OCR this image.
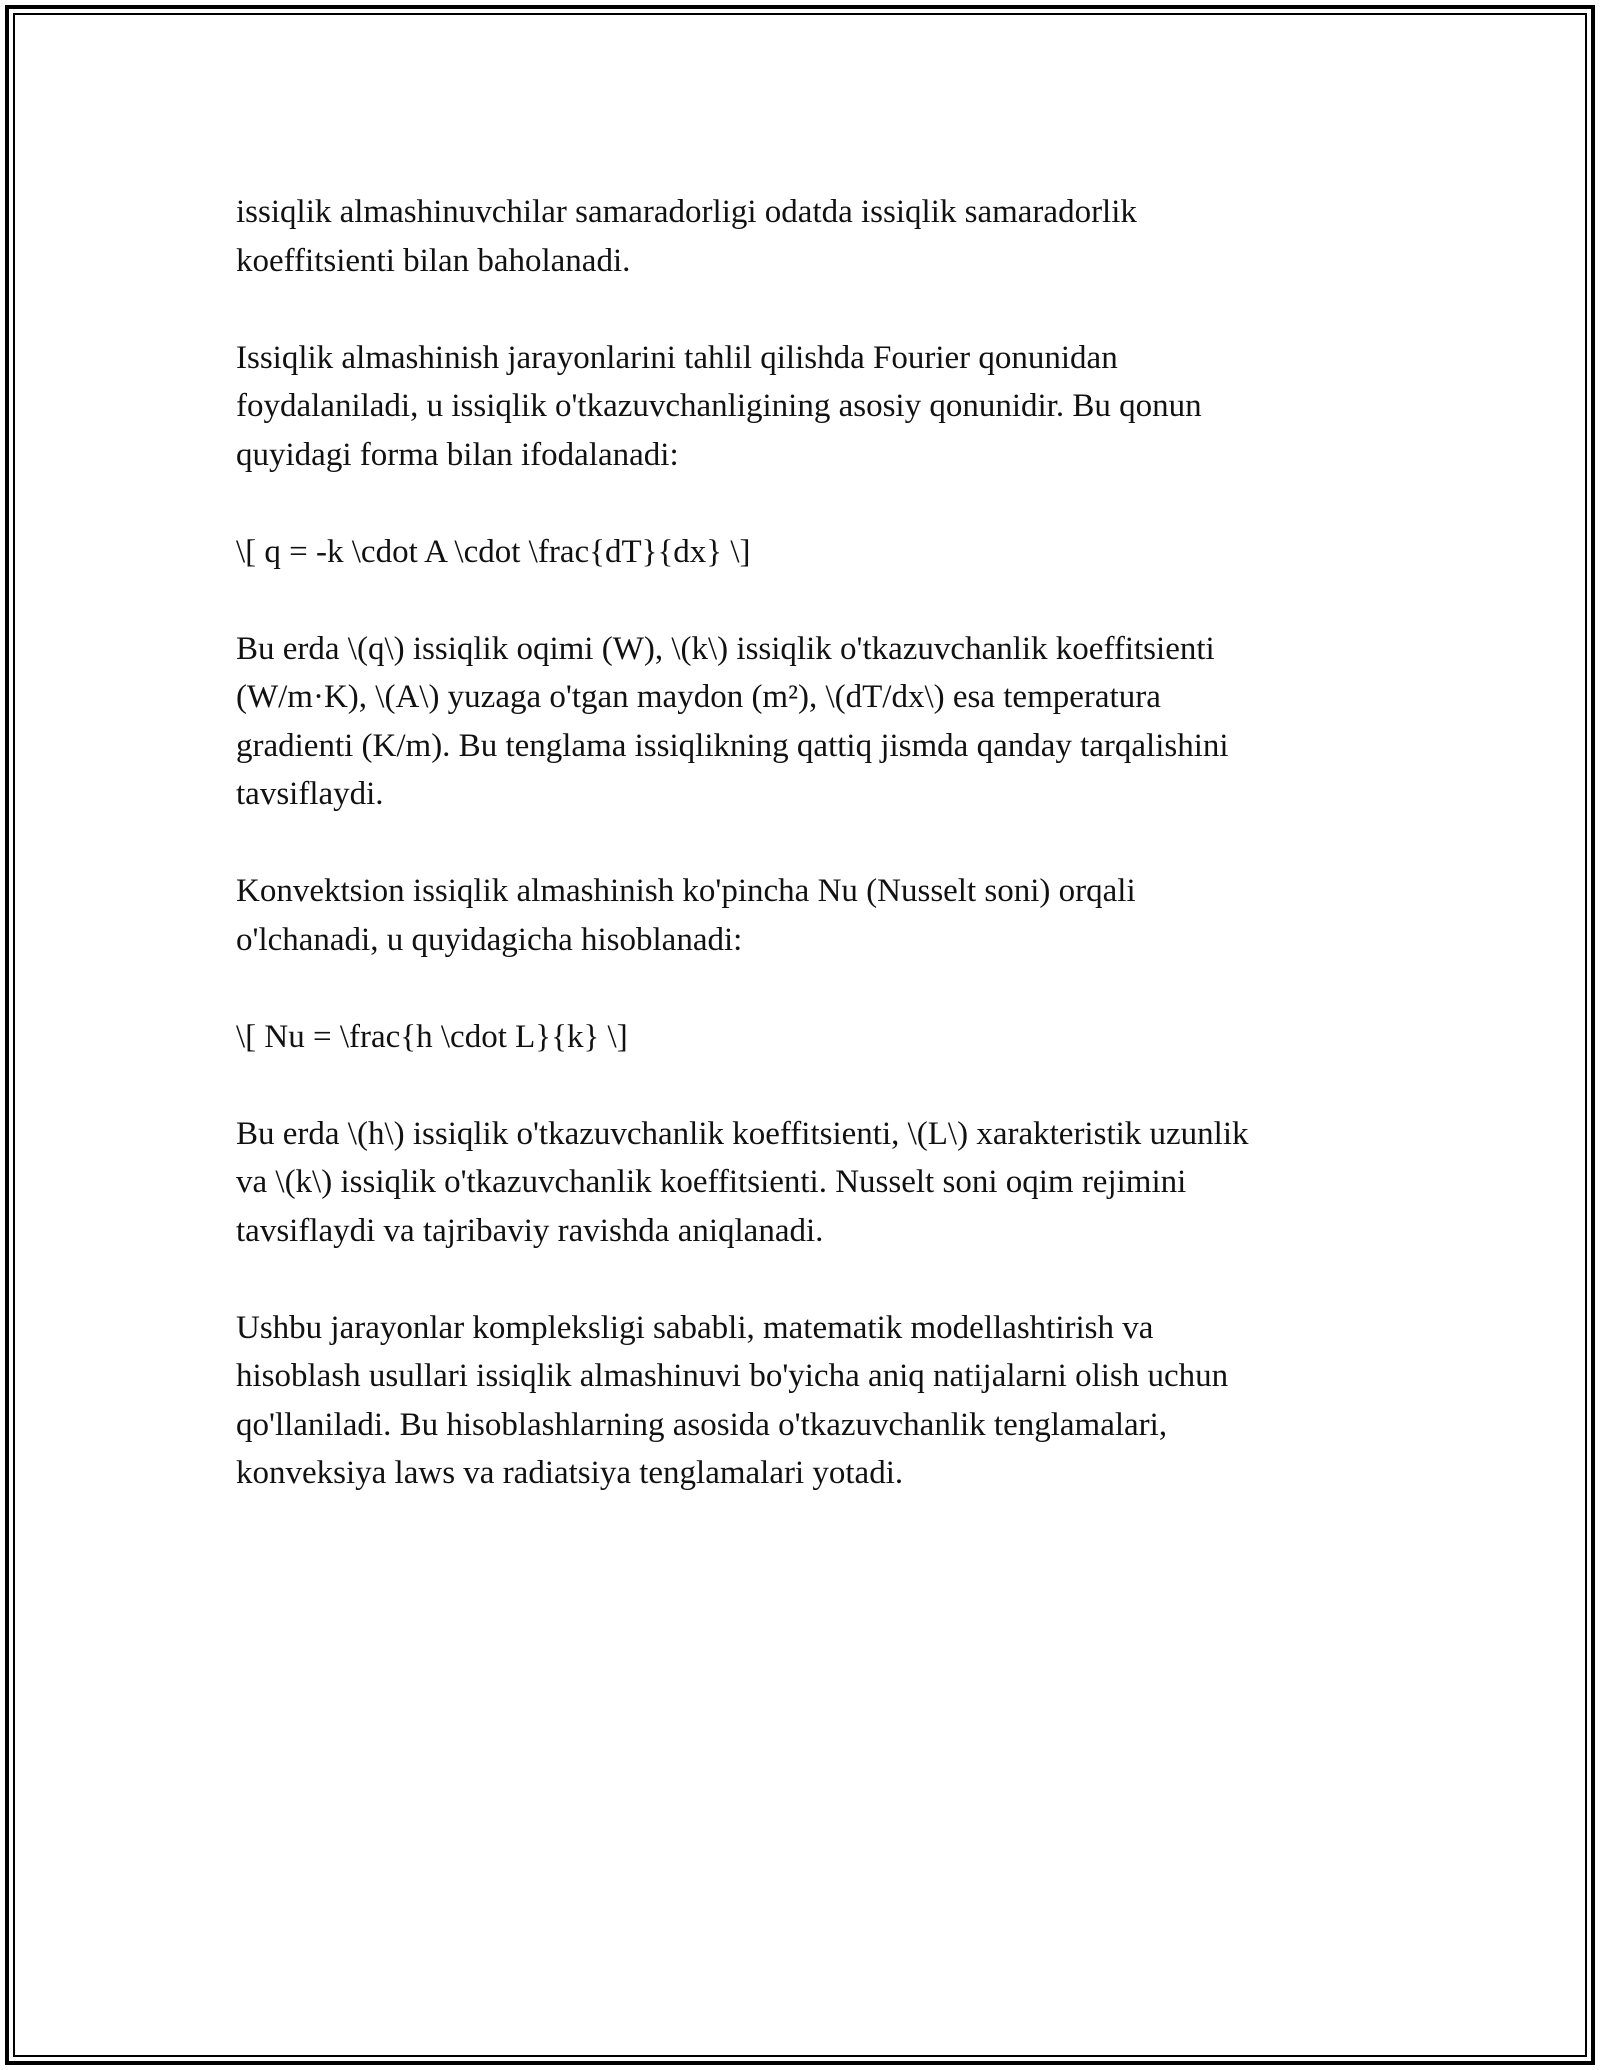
issiqlik almashinuvchilar samaradorligi odatda issiqlik samaradorlik
koeffitsienti bilan baholanadi.

Issiqlik almashinish jarayonlarini tahlil qilishda Fourier qonunidan
foydalaniladi, u issiqlik o'tkazuvchanligining asosiy qonunidir. Bu qonun
quyidagi forma bilan ifodalanadi:

\[ q = -k \cdot A \cdot \frac{dT}{dx} \]

Bu erda \(q\) issiqlik oqimi (W), \(k\) issiqlik o'tkazuvchanlik koeffitsienti
(W/m·K), \(A\) yuzaga o'tgan maydon (m²), \(dT/dx\) esa temperatura
gradienti (K/m). Bu tenglama issiqlikning qattiq jismda qanday tarqalishini
tavsiflaydi.

Konvektsion issiqlik almashinish ko'pincha Nu (Nusselt soni) orqali
o'lchanadi, u quyidagicha hisoblanadi:

\[ Nu = \frac{h \cdot L}{k} \]

Bu erda \(h\) issiqlik o'tkazuvchanlik koeffitsienti, \(L\) xarakteristik uzunlik
va \(k\) issiqlik o'tkazuvchanlik koeffitsienti. Nusselt soni oqim rejimini
tavsiflaydi va tajribaviy ravishda aniqlanadi.

Ushbu jarayonlar kompleksligi sababli, matematik modellashtirish va
hisoblash usullari issiqlik almashinuvi bo'yicha aniq natijalarni olish uchun
qo'llaniladi. Bu hisoblashlarning asosida o'tkazuvchanlik tenglamalari,
konveksiya laws va radiatsiya tenglamalari yotadi.
